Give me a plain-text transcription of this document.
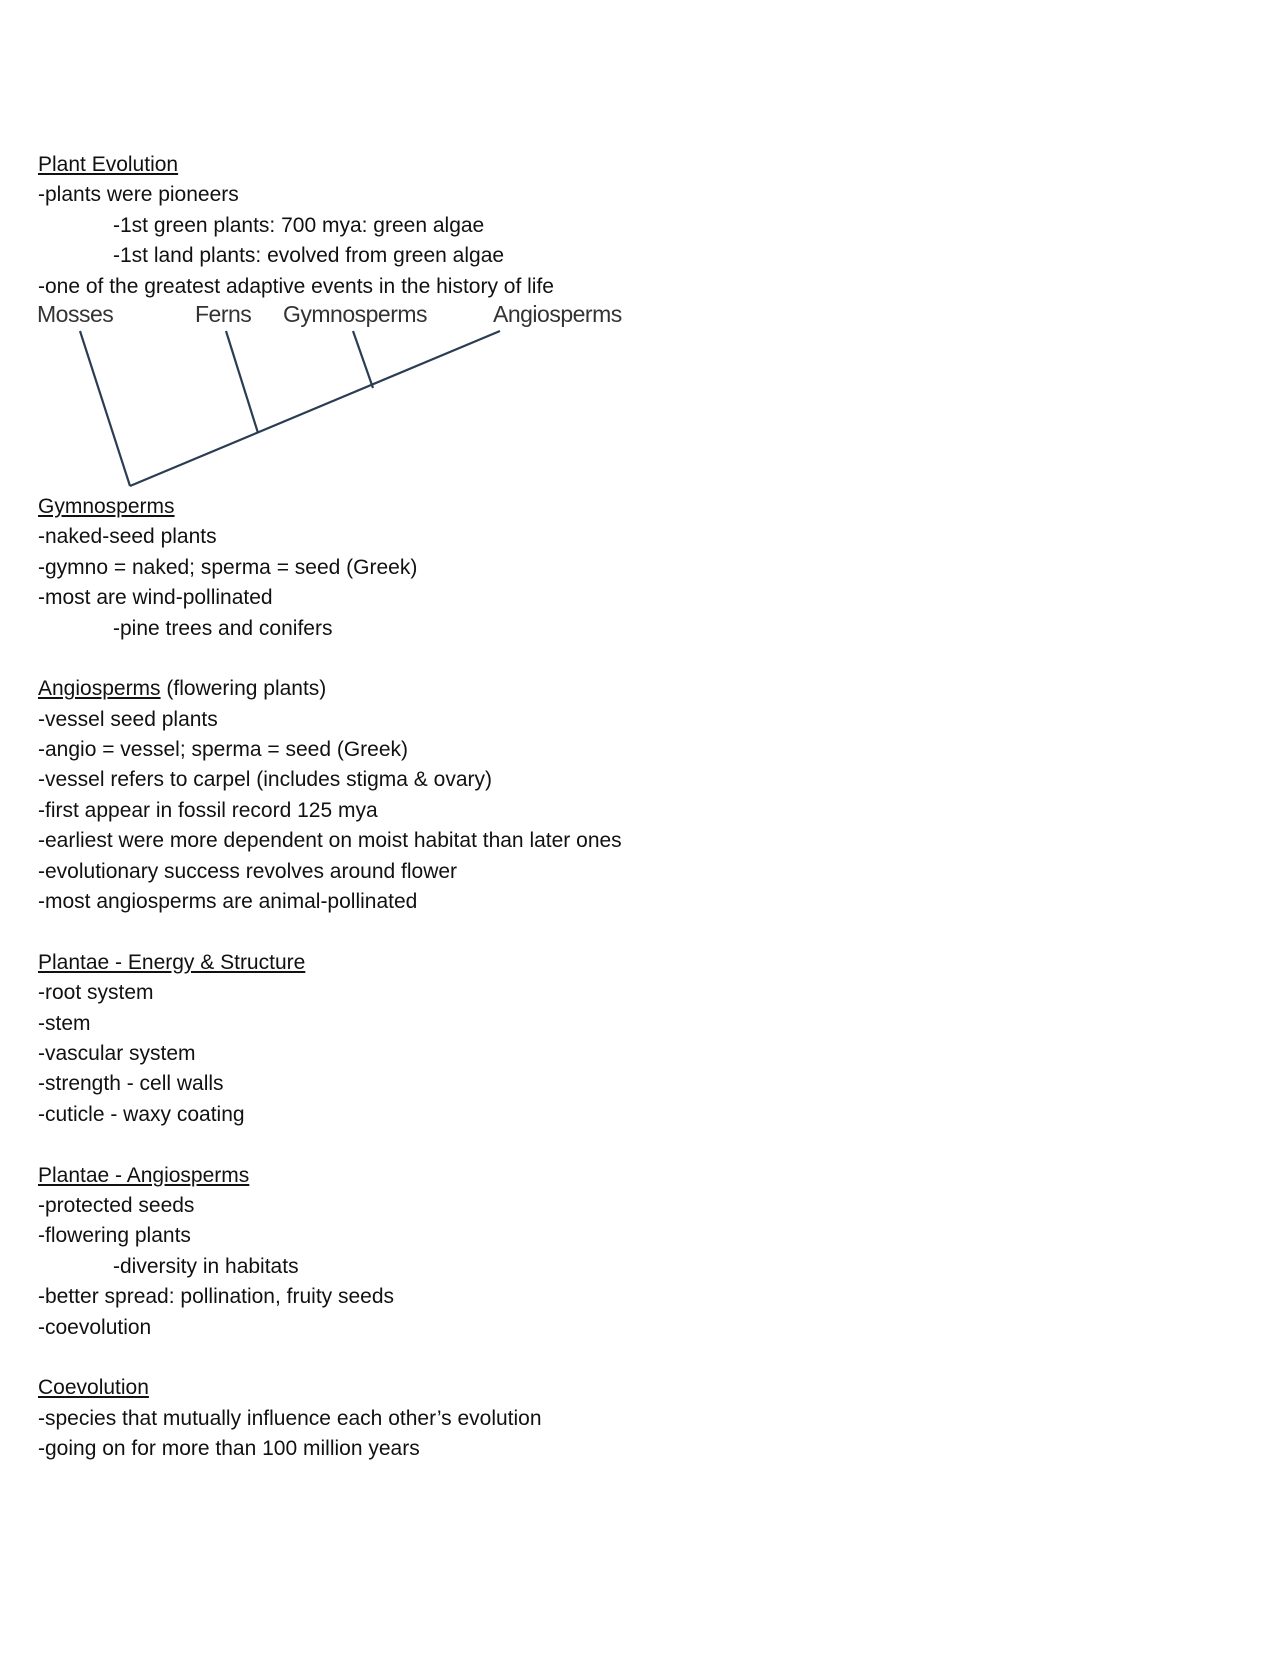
Plant Evolution
-plants were pioneers
-1st green plants: 700 mya: green algae
-1st land plants: evolved from green algae
-one of the greatest adaptive events in the history of life
Mosses	Ferns Gymnosperms	Angiosperms
Gymnosperms
-naked-seed plants
-gymno = naked; sperma = seed (Greek)
-most are wind-pollinated
-pine trees and conifers
Angiosperms (flowering plants)
-vessel seed plants
-angio = vessel; sperma = seed (Greek)
-vessel refers to carpel (includes stigma & ovary)
-first appear in fossil record 125 mya
-earliest were more dependent on moist habitat than later ones
-evolutionary success revolves around flower
-most angiosperms are animal-pollinated
Plantae - Energy & Structure
-root system
-stem
-vascular system
-strength - cell walls
-cuticle - waxy coating
Plantae - Angiosperms
-protected seeds
-flowering plants
-diversity in habitats
-better spread: pollination, fruity seeds
-coevolution
Coevolution
-species that mutually influence each other’s evolution
-going on for more than 100 million years
